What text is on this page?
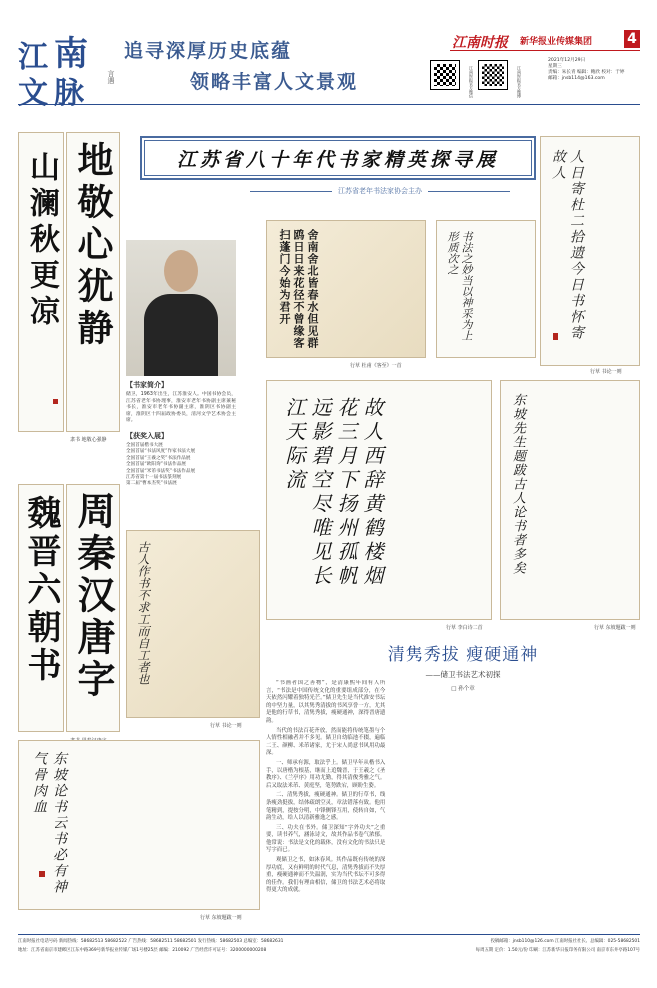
江 南
文 脉	言遇
追寻深厚历史底蕴
领略丰富人文景观	江南时报官方微信	江南时报官方微博
江南时报 新华报业传媒集团	4
2021年12月29日
星期三
责编：朱长青 编辑：鲍欣 校对：于婷
邮箱：jnsb114@163.com
山澜秋更凉 地敬心犹静
隶书 地敬心强静
魏晋六朝书 周秦汉唐字
江苏省八十年代书家精英探寻展
江苏省老年书法家协会主办	人日寄杜二拾遗今日书怀寄故人
行草 书论一则
【书家简介】
储卫，1963年出生，江苏淮安人。中国书协会员，江苏省老年书协理事，淮安市老年书协副主席兼秘书长，淮安市老年书协副主席，淮阴区书协副主席，淮阴区十四届政协委员，清河文学艺术协会主席。
【获奖入展】
全国首届楷书大展
全国首届“书法风度”作家书法大展
全国首届“王羲之奖”书法作品展
全国首届“欧阳询”书法作品展
全国首届“米芾书法奖”书法作品展
江苏省第十一届书法篆刻展
第二届“曹本杰奖”书法展
舍南舍北皆春水但见群鸥日日来花径不曾缘客扫蓬门今始为君开
行草 杜甫《客至》一首
书法之妙当以神采为上形质次之
故人西辞黄鹤楼烟花三月下扬州孤帆远影碧空尽唯见长江天际流
行草 李白诗二首
东坡先生题跋古人论书者多矣
行草 东坡题跋一则
古人作书不求工而自工者也
行草 书论一则
清隽秀拔 瘦硬通神
——储卫书法艺术初探
□ 孙个章

“书画者国之善物”，是清康熙年间有人所言，“书法是中国传统文化的重要组成部分，在今天依然闪耀着独特光芒。”储卫先生是当代淮安书坛的中坚力量，以其隽秀清拔的书风享誉一方，尤其是他的行草书，清隽秀拔，瘦硬通神，深得晋唐遗韵。

当代的书法百花齐放，然而能将传统笔墨与个人情性相融者并不多见。储卫自幼临池不辍，遍临二王、颜柳、米芾诸家，尤于宋人尚意书风用功最深。

一、师承有源，取法乎上。储卫早年从楷书入手，以唐楷为根基，继而上追魏晋，于王羲之《圣教序》、《兰亭序》用功尤勤，得其清俊秀雅之气。后又取法米芾、黄庭坚，笔势跌宕，顾盼生姿。

二、清隽秀拔，瘦硬通神。储卫的行草书，线条瘦劲挺拔，结体疏朗空灵，章法错落有致。他用笔精到，提按分明，中锋侧锋互用，使转自如，气韵生动，给人以清新雅逸之感。

三、功夫在书外。储卫深知“字外功夫”之重要，读书养气，涵泳诗文，故其作品书卷气浓郁。他常说：书法是文化的载体，没有文化的书法只是写字而已。

观储卫之书，如沐春风。其作品既有传统的深厚功底，又有鲜明的时代气息，清隽秀拔而不失厚重，瘦硬通神而不失温润，实为当代书坛不可多得的佳作。我们有理由相信，储卫的书法艺术必将取得更大的成就。

东坡论书云书必有神气骨肉血
行草 东坡题跋一则
江南时报社电话号码 新闻热线：58682513 58682522 广告热线：58682511 58682501 发行热线：58682503 总编室：58682631	投稿邮箱：jnsb110@126.com 江南时报社社长、总编辑：025-58682501
地址：江苏省南京市建邺区江东中路369号新华报业传媒广场1号楼25层 邮编：210092 广告经营许可证号：3200000000208	每周五期 定价：1.50元/份 印刷：江苏新华日报印务有限公司 南京市东井亭路107号
